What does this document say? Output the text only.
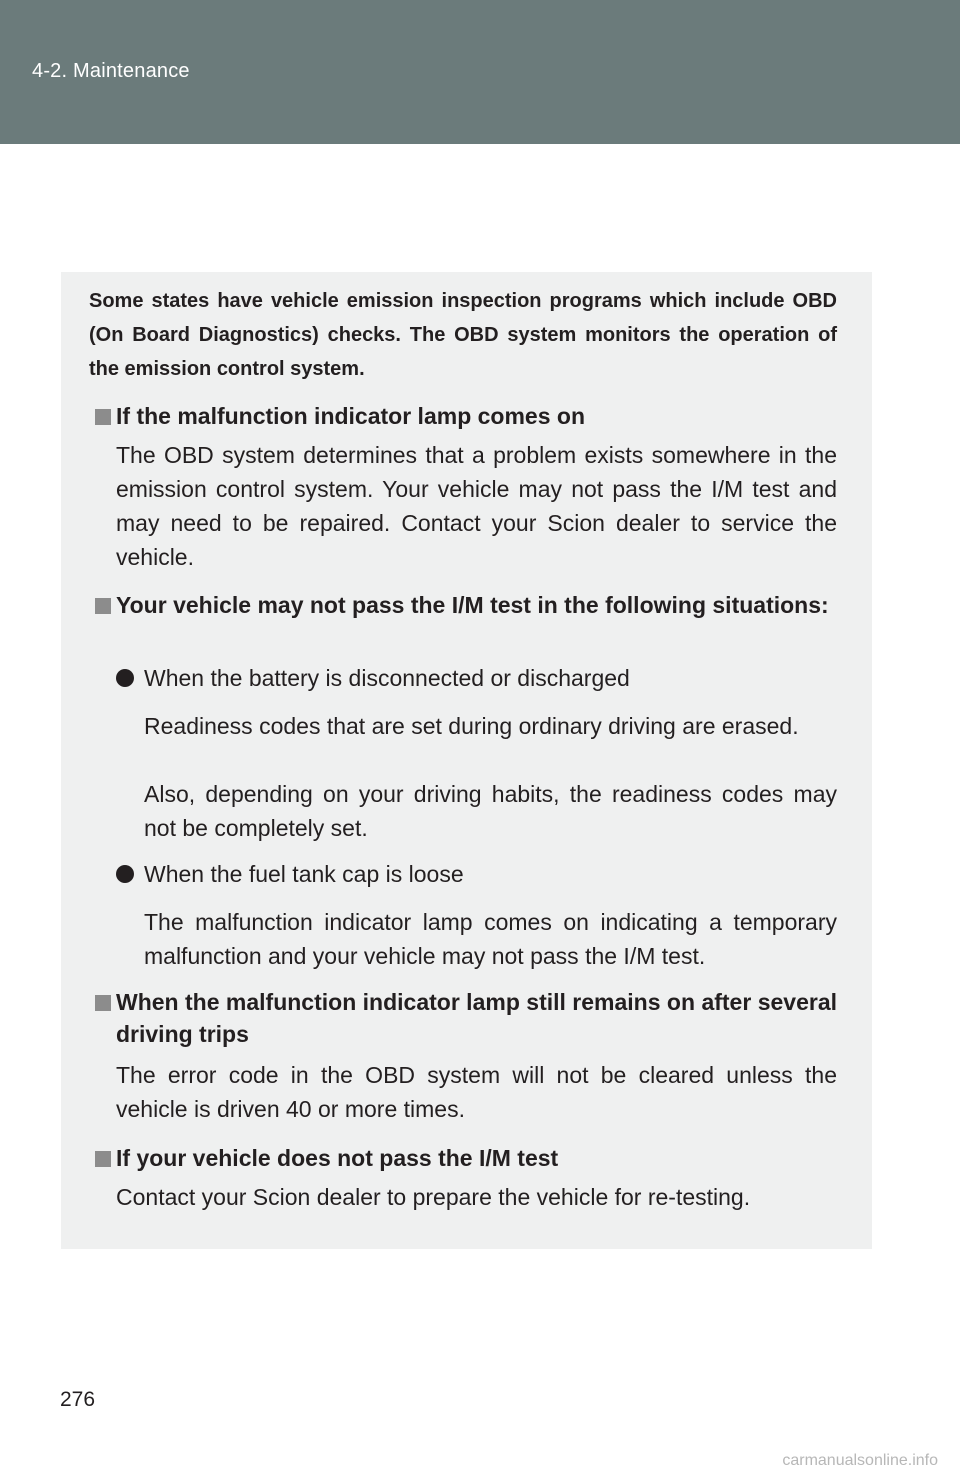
4-2. Maintenance

Some states have vehicle emission inspection programs which include OBD (On Board Diagnostics) checks. The OBD system monitors the operation of the emission control system.

If the malfunction indicator lamp comes on

The OBD system determines that a problem exists somewhere in the emission control system. Your vehicle may not pass the I/M test and may need to be repaired. Contact your Scion dealer to service the vehicle.

Your vehicle may not pass the I/M test in the following situations:

When the battery is disconnected or discharged

Readiness codes that are set during ordinary driving are erased.

Also, depending on your driving habits, the readiness codes may not be completely set.

When the fuel tank cap is loose

The malfunction indicator lamp comes on indicating a temporary malfunction and your vehicle may not pass the I/M test.

When the malfunction indicator lamp still remains on after several driving trips

The error code in the OBD system will not be cleared unless the vehicle is driven 40 or more times.

If your vehicle does not pass the I/M test

Contact your Scion dealer to prepare the vehicle for re-testing.

276
carmanualsonline.info
